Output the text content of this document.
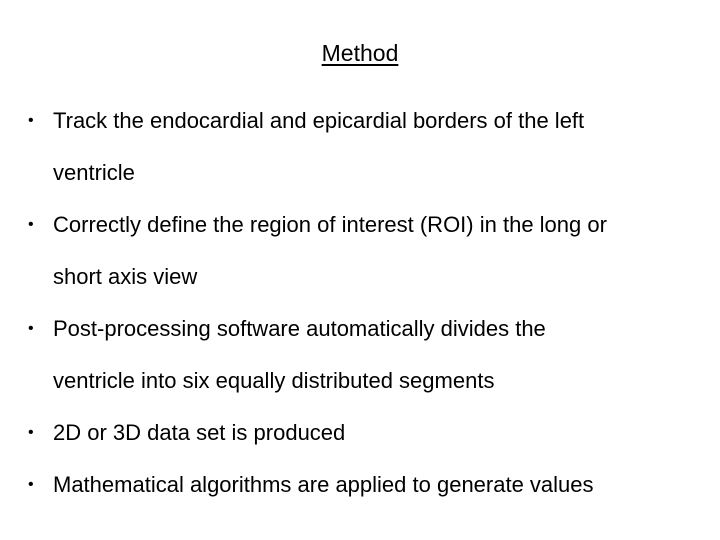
Method
• Track the endocardial and epicardial borders of the left
ventricle
• Correctly deﬁne the region of interest (ROI) in the long or
short axis view
• Post-processing software automatically divides the
ventricle into six equally distributed segments
• 2D or 3D data set is produced
• Mathematical algorithms are applied to generate values
